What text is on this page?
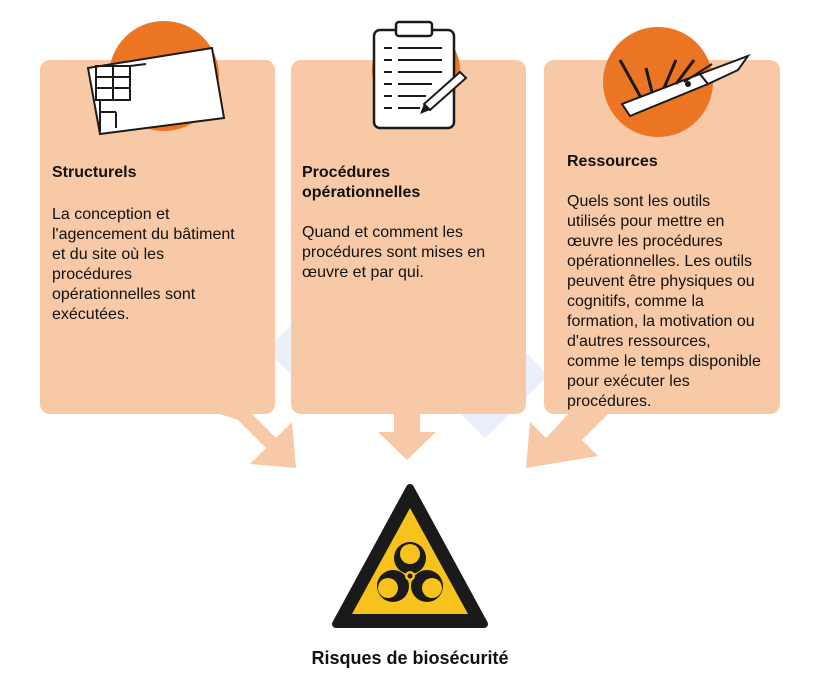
Structurels
La conception et
l'agencement du bâtiment
et du site où les
procédures
opérationnelles sont
exécutées.
Procédures
opérationnelles
Quand et comment les
procédures sont mises en
œuvre et par qui.
Ressources
Quels sont les outils
utilisés pour mettre en
œuvre les procédures
opérationnelles. Les outils
peuvent être physiques ou
cognitifs, comme la
formation, la motivation ou
d'autres ressources,
comme le temps disponible
pour exécuter les
procédures.
Risques de biosécurité
